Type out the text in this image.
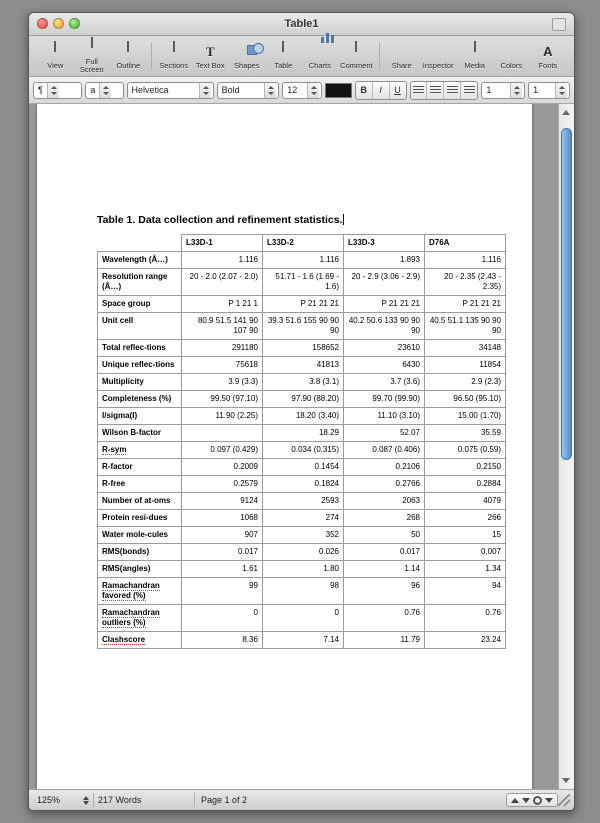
Table1
View	Full Screen	Outline	Sections
T
Text Box	Shapes	Table	Charts	Comment	Share	Inspector	Media	Colors
A
Fonts
¶	a	Helvetica	Bold	12	B I U	1	1
Table 1. Data collection and refinement statistics.
	L33D-1	L33D-2	L33D-3	D76A
Wavelength (Å…)	1.116	1.116	1.893	1.116
Resolution range (Å…)	20 - 2.0 (2.07 - 2.0)	51.71 - 1.6 (1.69 - 1.6)	20 - 2.9 (3.06 - 2.9)	20 - 2.35 (2.43 - 2.35)
Space group	P 1 21 1	P 21 21 21	P 21 21 21	P 21 21 21
Unit cell	80.9 51.5 141 90 107 90	39.3 51.6 155 90 90 90	40.2 50.6 133 90 90 90	40.5 51.1 135 90 90 90
Total reflec-tions	291180	158652	23610	34148
Unique reflec-tions	75618	41813	6430	11854
Multiplicity	3.9 (3.3)	3.8 (3.1)	3.7 (3.6)	2.9 (2.3)
Completeness (%)	99.50 (97.10)	97.90 (88.20)	99.70 (99.90)	96.50 (95.10)
I/sigma(I)	11.90 (2.25)	18.20 (3.40)	11.10 (3.10)	15.00 (1.70)
Wilson B-factor		18.29	52.07	35.59
R-sym	0.097 (0.429)	0.034 (0.315)	0.087 (0.406)	0.075 (0.59)
R-factor	0.2009	0.1454	0.2106	0.2150
R-free	0.2579	0.1824	0.2766	0.2884
Number of at-oms	9124	2593	2063	4079
Protein resi-dues	1068	274	268	266
Water mole-cules	907	352	50	15
RMS(bonds)	0.017	0.026	0.017	0.007
RMS(angles)	1.61	1.80	1.14	1.34
Ramachandran favored (%)	99	98	96	94
Ramachandran outliers (%)	0	0	0.76	0.76
Clashscore	8.36	7.14	11.79	23.24
125%	217 Words	Page 1 of 2
